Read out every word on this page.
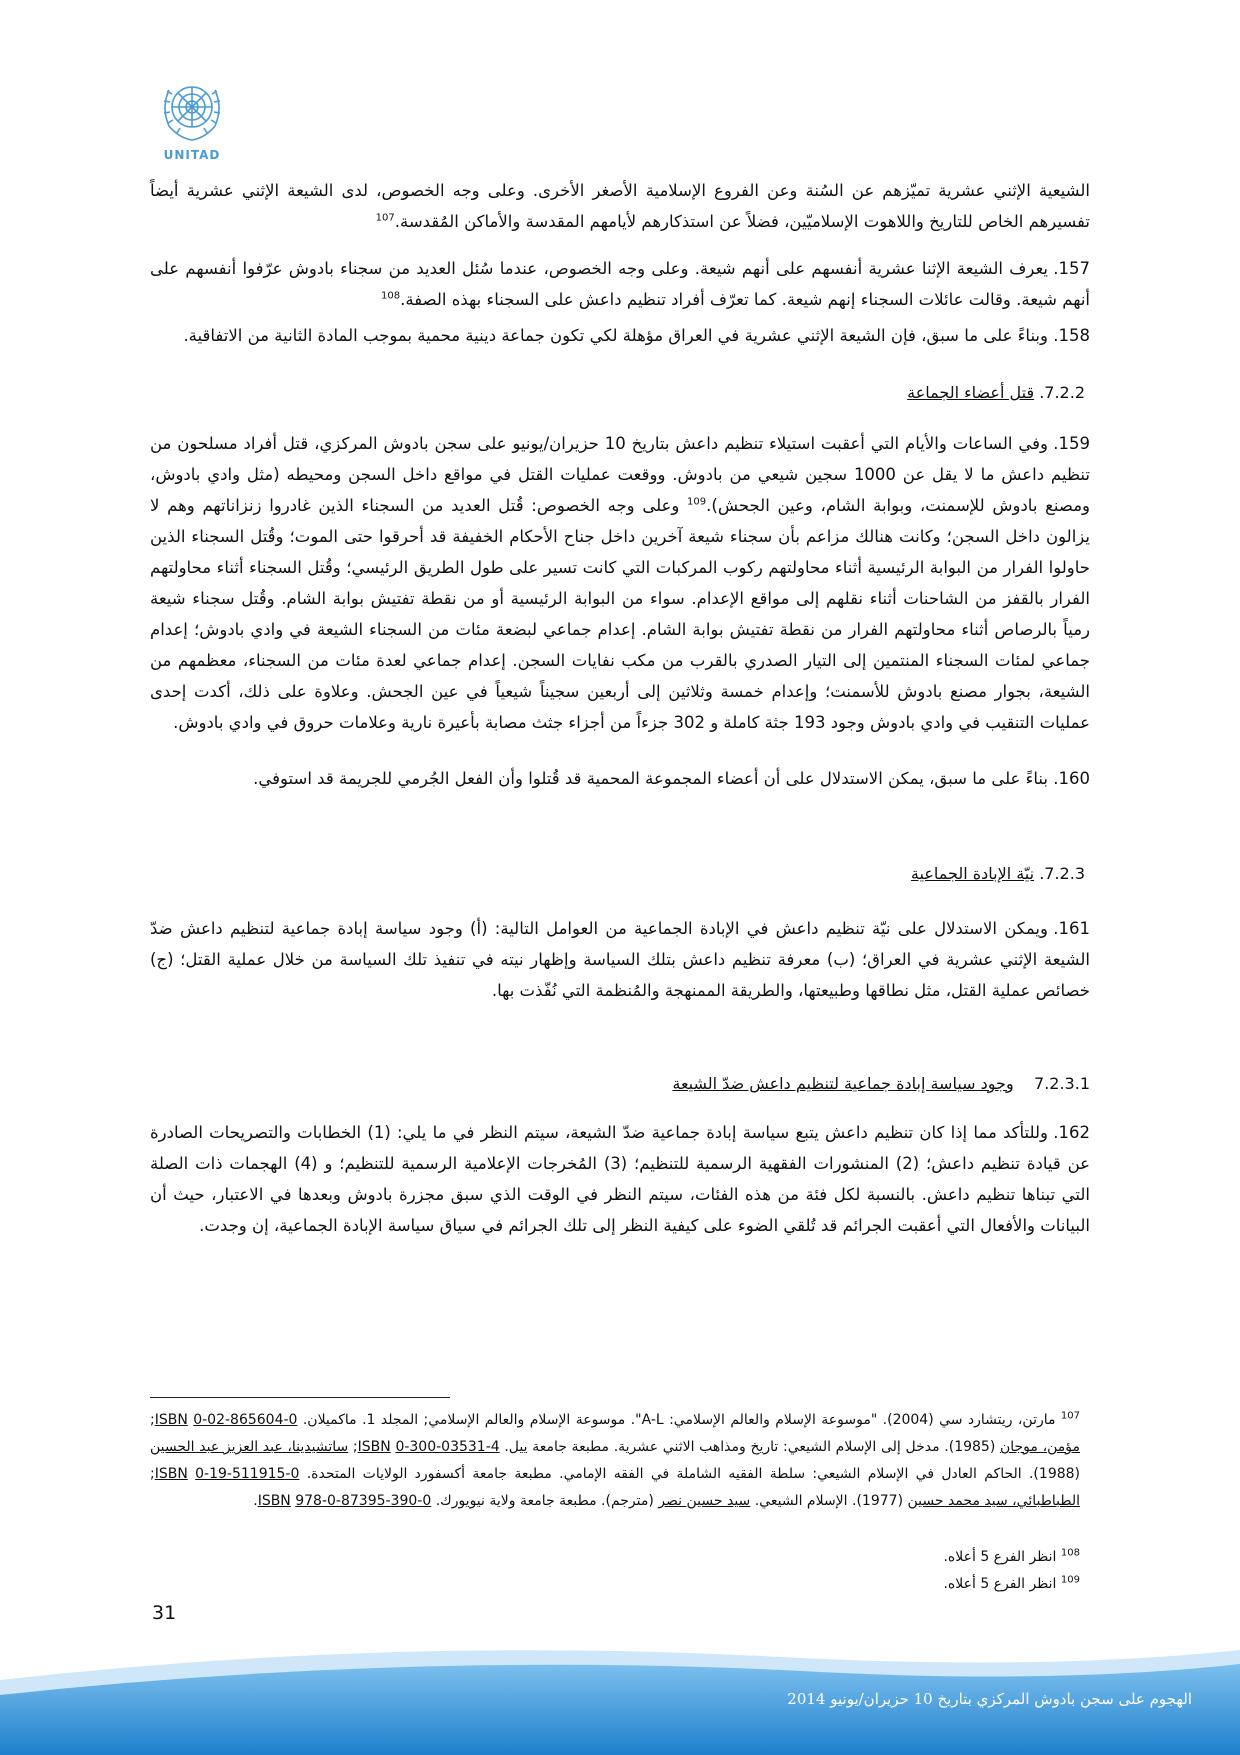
UNITAD
الشيعية الإثني عشرية تميّزهم عن السُنة وعن الفروع الإسلامية الأصغر الأخرى. وعلى وجه الخصوص، لدى الشيعة الإثني عشرية أيضاً تفسيرهم الخاص للتاريخ واللاهوت الإسلاميّين، فضلاً عن استذكارهم لأيامهم المقدسة والأماكن المُقدسة.$^{107}$
157.يعرف الشيعة الإثنا عشرية أنفسهم على أنهم شيعة. وعلى وجه الخصوص، عندما سُئل العديد من سجناء بادوش عرّفوا أنفسهم على أنهم شيعة. وقالت عائلات السجناء إنهم شيعة. كما تعرّف أفراد تنظيم داعش على السجناء بهذه الصفة.$^{108}$
158.وبناءً على ما سبق، فإن الشيعة الإثني عشرية في العراق مؤهلة لكي تكون جماعة دينية محمية بموجب المادة الثانية من الاتفاقية.
7.2.2. قتل أعضاء الجماعة
159.وفي الساعات والأيام التي أعقبت استيلاء تنظيم داعش بتاريخ 10 حزيران/يونيو على سجن بادوش المركزي، قتل أفراد مسلحون من تنظيم داعش ما لا يقل عن 1000 سجين شيعي من بادوش. ووقعت عمليات القتل في مواقع داخل السجن ومحيطه (مثل وادي بادوش، ومصنع بادوش للإسمنت، وبوابة الشام، وعين الجحش).$^{109}$ وعلى وجه الخصوص: قُتل العديد من السجناء الذين غادروا زنزاناتهم وهم لا يزالون داخل السجن؛ وكانت هنالك مزاعم بأن سجناء شيعة آخرين داخل جناح الأحكام الخفيفة قد أحرقوا حتى الموت؛ وقُتل السجناء الذين حاولوا الفرار من البوابة الرئيسية أثناء محاولتهم ركوب المركبات التي كانت تسير على طول الطريق الرئيسي؛ وقُتل السجناء أثناء محاولتهم الفرار بالقفز من الشاحنات أثناء نقلهم إلى مواقع الإعدام. سواء من البوابة الرئيسية أو من نقطة تفتيش بوابة الشام. وقُتل سجناء شيعة رمياً بالرصاص أثناء محاولتهم الفرار من نقطة تفتيش بوابة الشام. إعدام جماعي لبضعة مئات من السجناء الشيعة في وادي بادوش؛ إعدام جماعي لمئات السجناء المنتمين إلى التيار الصدري بالقرب من مكب نفايات السجن. إعدام جماعي لعدة مئات من السجناء، معظمهم من الشيعة، بجوار مصنع بادوش للأسمنت؛ وإعدام خمسة وثلاثين إلى أربعين سجيناً شيعياً في عين الجحش. وعلاوة على ذلك، أكدت إحدى عمليات التنقيب في وادي بادوش وجود 193 جثة كاملة و 302 جزءاً من أجزاء جثث مصابة بأعيرة نارية وعلامات حروق في وادي بادوش.
160.بناءً على ما سبق، يمكن الاستدلال على أن أعضاء المجموعة المحمية قد قُتلوا وأن الفعل الجُرمي للجريمة قد استوفي.
7.2.3. نيّة الإبادة الجماعية
161.ويمكن الاستدلال على نيّة تنظيم داعش في الإبادة الجماعية من العوامل التالية: (أ) وجود سياسة إبادة جماعية لتنظيم داعش ضدّ الشيعة الإثني عشرية في العراق؛ (ب) معرفة تنظيم داعش بتلك السياسة وإظهار نيته في تنفيذ تلك السياسة من خلال عملية القتل؛ (ج) خصائص عملية القتل، مثل نطاقها وطبيعتها، والطريقة الممنهجة والمُنظمة التي نُفّذت بها.
7.2.3.1    وجود سياسة إبادة جماعية لتنظيم داعش ضدّ الشيعة
162.وللتأكد مما إذا كان تنظيم داعش يتبع سياسة إبادة جماعية ضدّ الشيعة، سيتم النظر في ما يلي: (1) الخطابات والتصريحات الصادرة عن قيادة تنظيم داعش؛ (2) المنشورات الفقهية الرسمية للتنظيم؛ (3) المُخرجات الإعلامية الرسمية للتنظيم؛ و (4) الهجمات ذات الصلة التي تبناها تنظيم داعش. بالنسبة لكل فئة من هذه الفئات، سيتم النظر في الوقت الذي سبق مجزرة بادوش وبعدها في الاعتبار، حيث أن البيانات والأفعال التي أعقبت الجرائم قد تُلقي الضوء على كيفية النظر إلى تلك الجرائم في سياق سياسة الإبادة الجماعية، إن وجدت.
$^{107}$ مارتن، ريتشارد سي (2004). "موسوعة الإسلام والعالم الإسلامي: A-L". موسوعة الإسلام والعالم الإسلامي; المجلد 1. ماكميلان. ISBN 0-02-865604-0; مؤمن، موجان (1985). مدخل إلى الإسلام الشيعي: تاريخ ومذاهب الاثني عشرية. مطبعة جامعة ييل. ISBN 0-300-03531-4; ساتشيدينا، عبد العزيز عبد الحسين (1988). الحاكم العادل في الإسلام الشيعي: سلطة الفقيه الشاملة في الفقه الإمامي. مطبعة جامعة أكسفورد الولايات المتحدة. ISBN 0-19-511915-0; الطباطبائي، سيد محمد حسين (1977). الإسلام الشيعي. سيد حسين نصر (مترجم). مطبعة جامعة ولاية نيويورك. ISBN 978-0-87395-390-0.
$^{108}$ انظر الفرع 5 أعلاه.
$^{109}$ انظر الفرع 5 أعلاه.
31
الهجوم على سجن بادوش المركزي بتاريخ 10 حزيران/يونيو 2014
